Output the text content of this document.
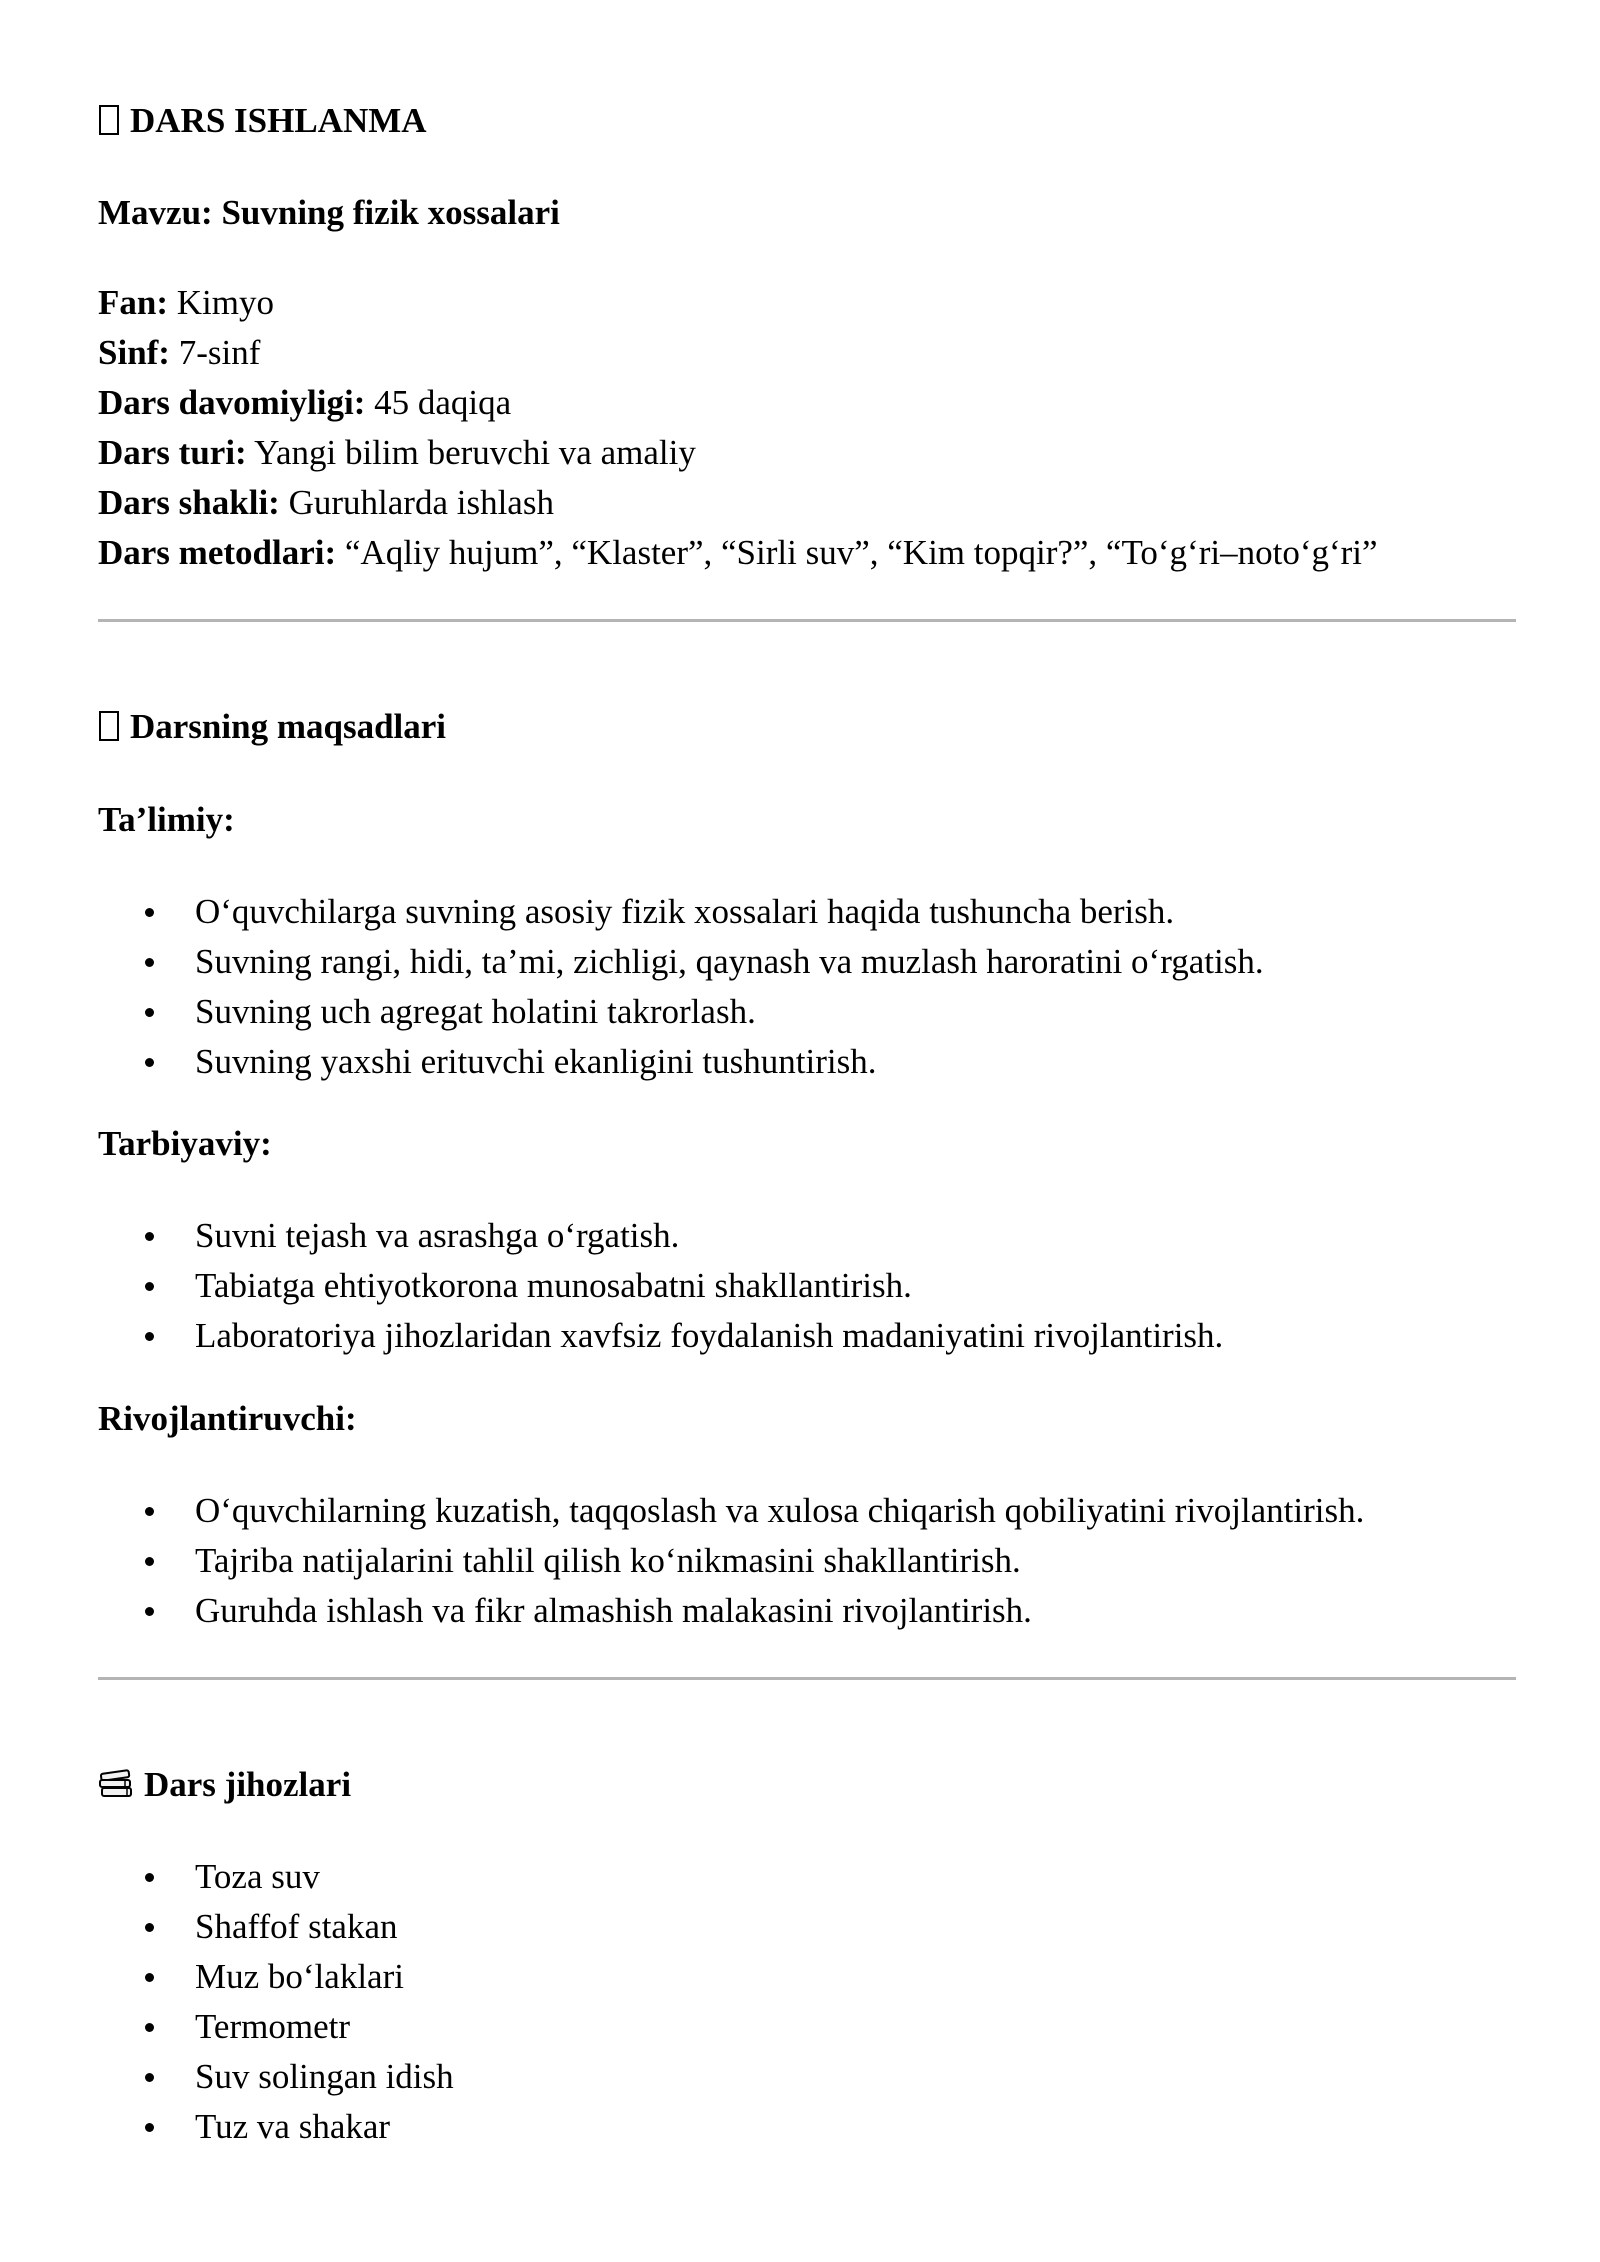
DARS ISHLANMA
Mavzu: Suvning fizik xossalari
Fan: Kimyo
Sinf: 7-sinf
Dars davomiyligi: 45 daqiqa
Dars turi: Yangi bilim beruvchi va amaliy
Dars shakli: Guruhlarda ishlash
Dars metodlari: “Aqliy hujum”, “Klaster”, “Sirli suv”, “Kim topqir?”, “To‘g‘ri–noto‘g‘ri”
Darsning maqsadlari
Ta’limiy:
O‘quvchilarga suvning asosiy fizik xossalari haqida tushuncha berish.
Suvning rangi, hidi, ta’mi, zichligi, qaynash va muzlash haroratini o‘rgatish.
Suvning uch agregat holatini takrorlash.
Suvning yaxshi erituvchi ekanligini tushuntirish.
Tarbiyaviy:
Suvni tejash va asrashga o‘rgatish.
Tabiatga ehtiyotkorona munosabatni shakllantirish.
Laboratoriya jihozlaridan xavfsiz foydalanish madaniyatini rivojlantirish.
Rivojlantiruvchi:
O‘quvchilarning kuzatish, taqqoslash va xulosa chiqarish qobiliyatini rivojlantirish.
Tajriba natijalarini tahlil qilish ko‘nikmasini shakllantirish.
Guruhda ishlash va fikr almashish malakasini rivojlantirish.
Dars jihozlari
Toza suv
Shaffof stakan
Muz bo‘laklari
Termometr
Suv solingan idish
Tuz va shakar
